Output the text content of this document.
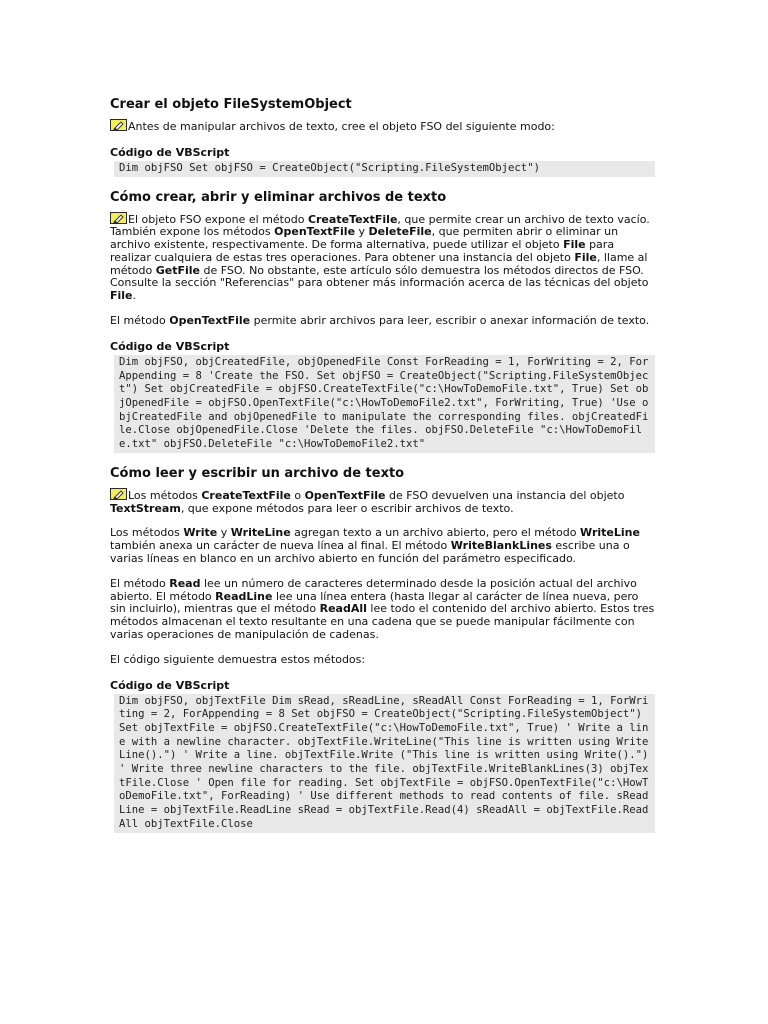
Crear el objeto FileSystemObject

Antes de manipular archivos de texto, cree el objeto FSO del siguiente modo:

Código de VBScript
Dim objFSO Set objFSO = CreateObject("Scripting.FileSystemObject")
Cómo crear, abrir y eliminar archivos de texto

El objeto FSO expone el método CreateTextFile, que permite crear un archivo de texto vacío. También expone los métodos OpenTextFile y DeleteFile, que permiten abrir o eliminar un archivo existente, respectivamente. De forma alternativa, puede utilizar el objeto File para realizar cualquiera de estas tres operaciones. Para obtener una instancia del objeto File, llame al método GetFile de FSO. No obstante, este artículo sólo demuestra los métodos directos de FSO. Consulte la sección "Referencias" para obtener más información acerca de las técnicas del objeto File.

El método OpenTextFile permite abrir archivos para leer, escribir o anexar información de texto.

Código de VBScript
Dim objFSO, objCreatedFile, objOpenedFile Const ForReading = 1, ForWriting = 2, ForAppending = 8 'Create the FSO. Set objFSO = CreateObject("Scripting.FileSystemObject") Set objCreatedFile = objFSO.CreateTextFile("c:\HowToDemoFile.txt", True) Set objOpenedFile = objFSO.OpenTextFile("c:\HowToDemoFile2.txt", ForWriting, True) 'Use objCreatedFile and objOpenedFile to manipulate the corresponding files. objCreatedFile.Close objOpenedFile.Close 'Delete the files. objFSO.DeleteFile "c:\HowToDemoFile.txt" objFSO.DeleteFile "c:\HowToDemoFile2.txt"
Cómo leer y escribir un archivo de texto

Los métodos CreateTextFile o OpenTextFile de FSO devuelven una instancia del objeto TextStream, que expone métodos para leer o escribir archivos de texto.

Los métodos Write y WriteLine agregan texto a un archivo abierto, pero el método WriteLine también anexa un carácter de nueva línea al final. El método WriteBlankLines escribe una o varias líneas en blanco en un archivo abierto en función del parámetro especificado.

El método Read lee un número de caracteres determinado desde la posición actual del archivo abierto. El método ReadLine lee una línea entera (hasta llegar al carácter de línea nueva, pero sin incluirlo), mientras que el método ReadAll lee todo el contenido del archivo abierto. Estos tres métodos almacenan el texto resultante en una cadena que se puede manipular fácilmente con varias operaciones de manipulación de cadenas.

El código siguiente demuestra estos métodos:

Código de VBScript
Dim objFSO, objTextFile Dim sRead, sReadLine, sReadAll Const ForReading = 1, ForWriting = 2, ForAppending = 8 Set objFSO = CreateObject("Scripting.FileSystemObject") Set objTextFile = objFSO.CreateTextFile("c:\HowToDemoFile.txt", True) ' Write a line with a newline character. objTextFile.WriteLine("This line is written using WriteLine().") ' Write a line. objTextFile.Write ("This line is written using Write().") ' Write three newline characters to the file. objTextFile.WriteBlankLines(3) objTextFile.Close ' Open file for reading. Set objTextFile = objFSO.OpenTextFile("c:\HowToDemoFile.txt", ForReading) ' Use different methods to read contents of file. sReadLine = objTextFile.ReadLine sRead = objTextFile.Read(4) sReadAll = objTextFile.ReadAll objTextFile.Close
